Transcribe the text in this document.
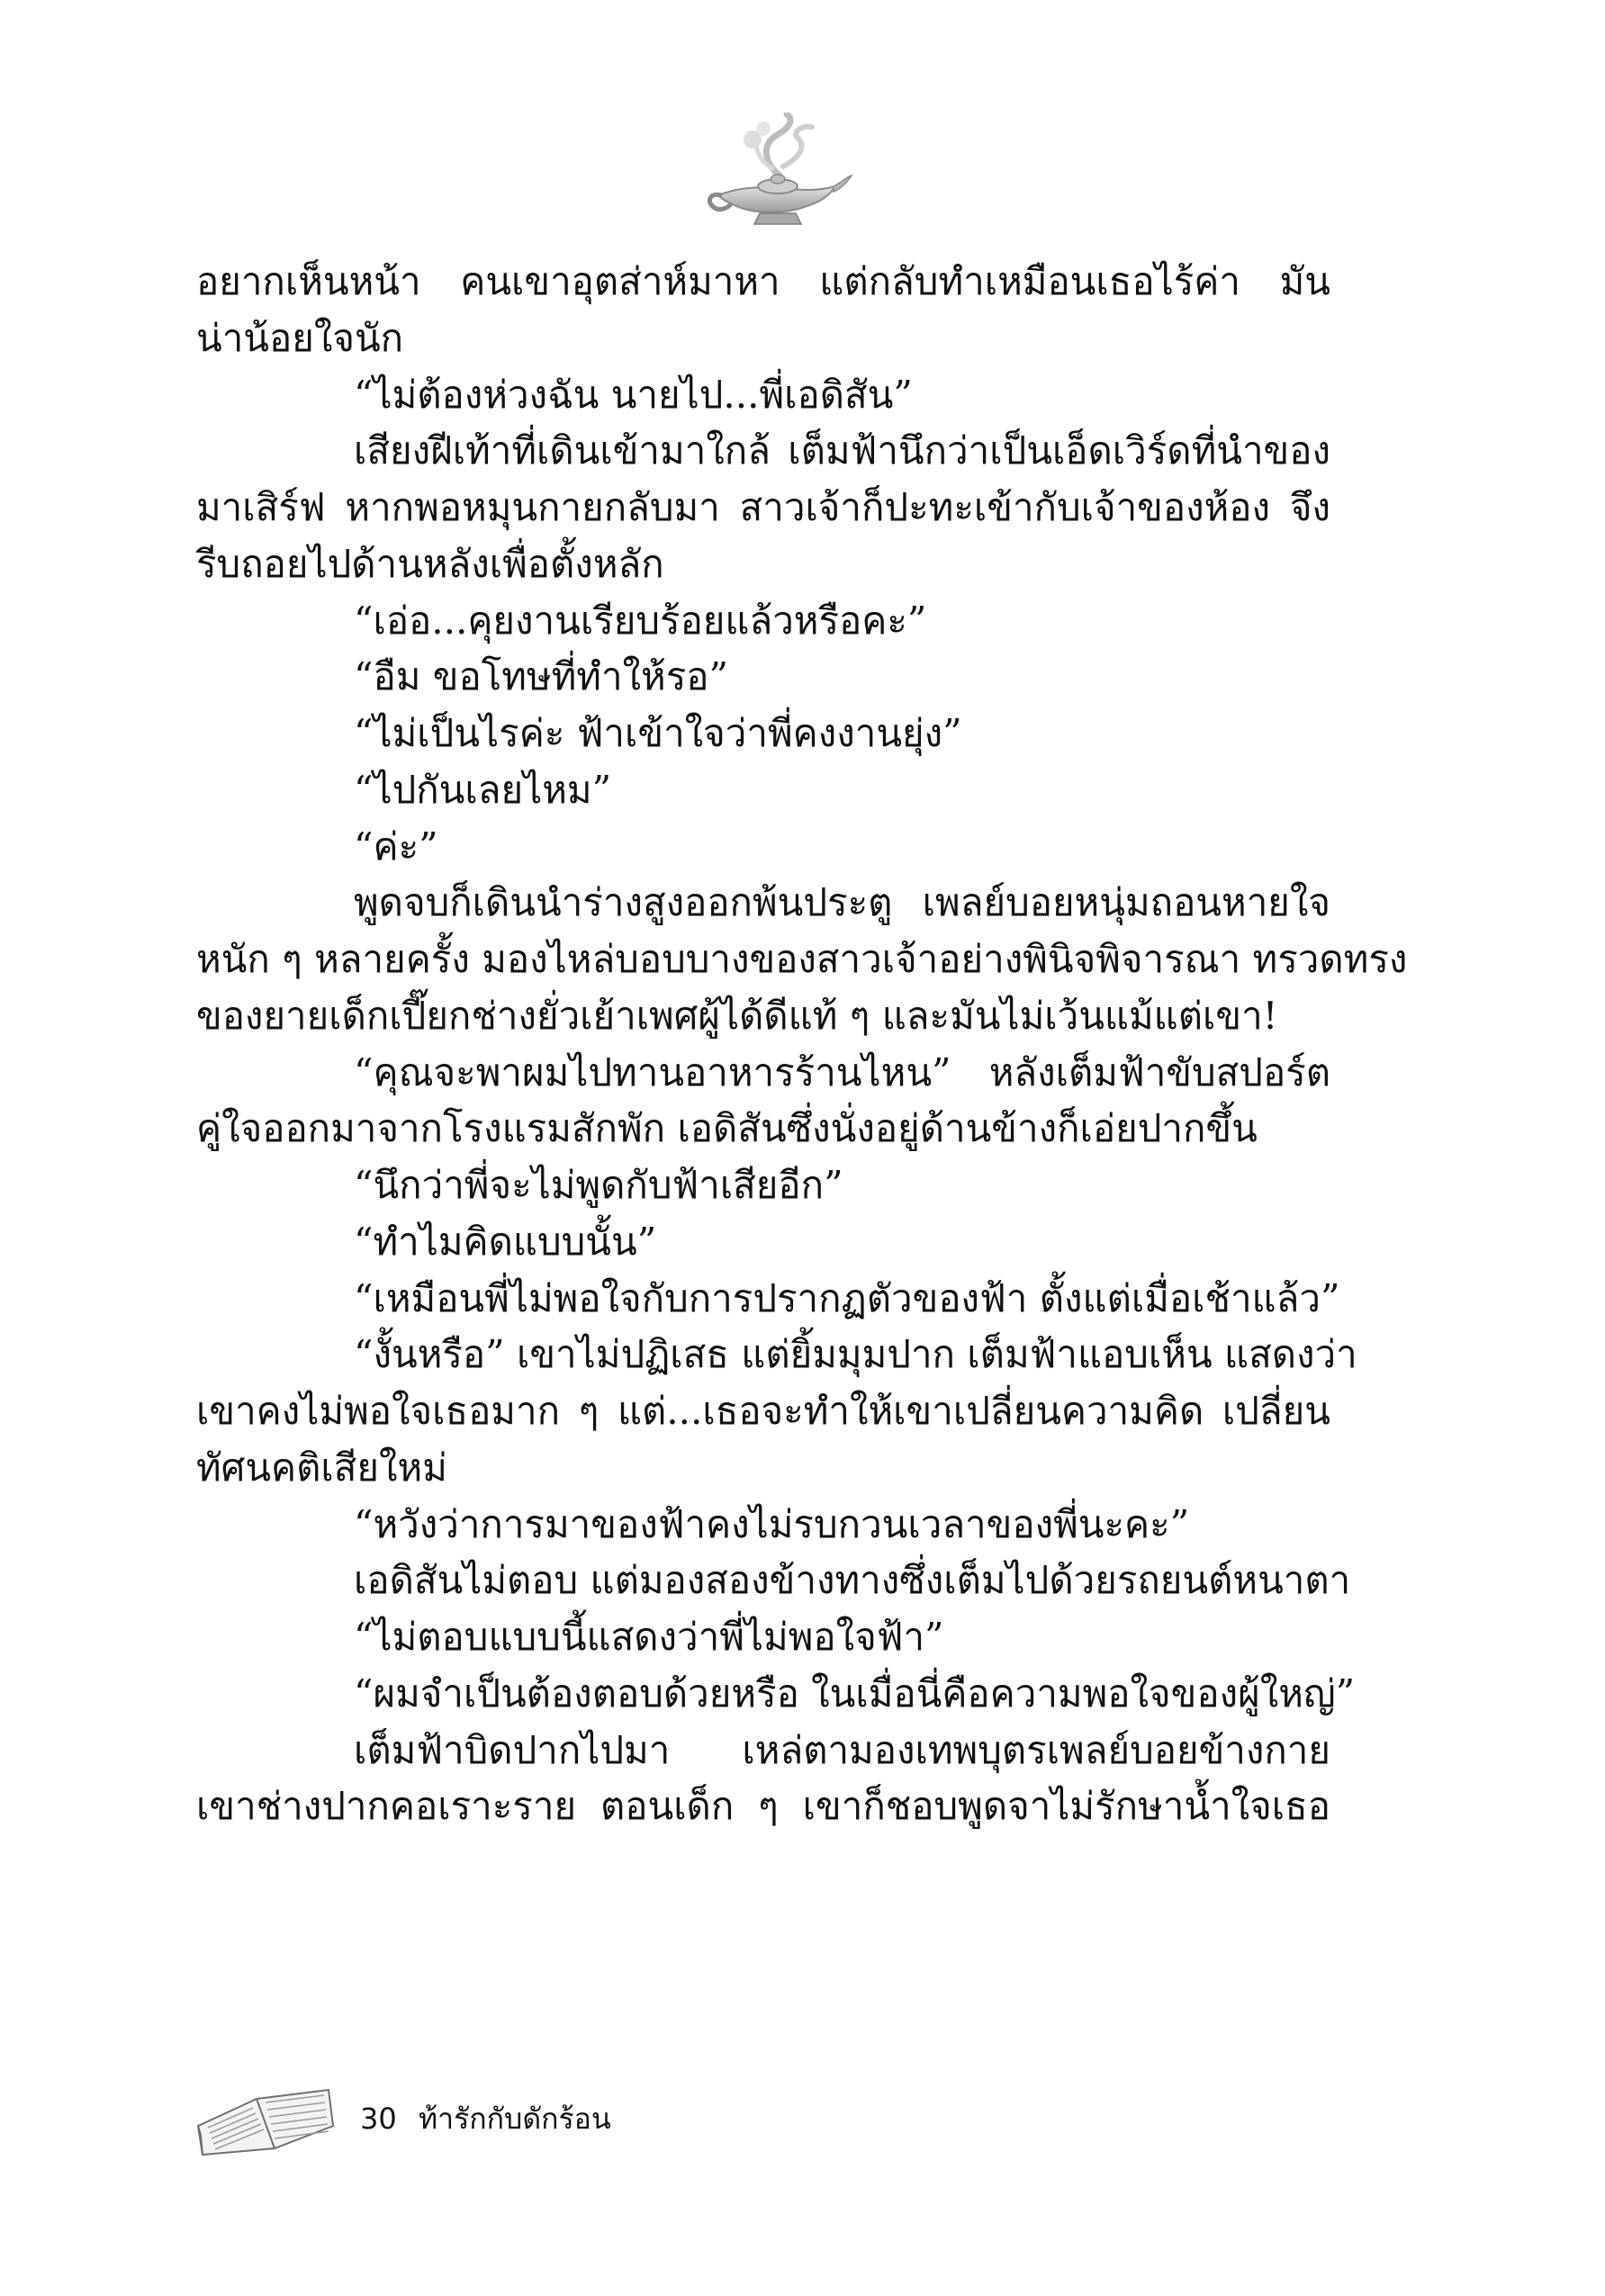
อยากเห็นหน้า คนเขาอุตส่าห์มาหา แต่กลับทำเหมือนเธอไร้ค่า มัน
น่าน้อยใจนัก
“ไม่ต้องห่วงฉัน นายไป...พี่เอดิสัน”
เสียงฝีเท้าที่เดินเข้ามาใกล้ เต็มฟ้านึกว่าเป็นเอ็ดเวิร์ดที่นำของ
มาเสิร์ฟ หากพอหมุนกายกลับมา สาวเจ้าก็ปะทะเข้ากับเจ้าของห้อง จึง
รีบถอยไปด้านหลังเพื่อตั้งหลัก
“เอ่อ...คุยงานเรียบร้อยแล้วหรือคะ”
“อืม ขอโทษที่ทำให้รอ”
“ไม่เป็นไรค่ะ ฟ้าเข้าใจว่าพี่คงงานยุ่ง”
“ไปกันเลยไหม”
“ค่ะ”
พูดจบก็เดินนำร่างสูงออกพ้นประตู เพลย์บอยหนุ่มถอนหายใจ
หนัก ๆ หลายครั้ง มองไหล่บอบบางของสาวเจ้าอย่างพินิจพิจารณา ทรวดทรง
ของยายเด็กเปี๊ยกช่างยั่วเย้าเพศผู้ได้ดีแท้ ๆ และมันไม่เว้นแม้แต่เขา!
“คุณจะพาผมไปทานอาหารร้านไหน” หลังเต็มฟ้าขับสปอร์ต
คู่ใจออกมาจากโรงแรมสักพัก เอดิสันซึ่งนั่งอยู่ด้านข้างก็เอ่ยปากขึ้น
“นึกว่าพี่จะไม่พูดกับฟ้าเสียอีก”
“ทำไมคิดแบบนั้น”
“เหมือนพี่ไม่พอใจกับการปรากฏตัวของฟ้า ตั้งแต่เมื่อเช้าแล้ว”
“งั้นหรือ” เขาไม่ปฏิเสธ แต่ยิ้มมุมปาก เต็มฟ้าแอบเห็น แสดงว่า
เขาคงไม่พอใจเธอมาก ๆ แต่...เธอจะทำให้เขาเปลี่ยนความคิด เปลี่ยน
ทัศนคติเสียใหม่
“หวังว่าการมาของฟ้าคงไม่รบกวนเวลาของพี่นะคะ”
เอดิสันไม่ตอบ แต่มองสองข้างทางซึ่งเต็มไปด้วยรถยนต์หนาตา
“ไม่ตอบแบบนี้แสดงว่าพี่ไม่พอใจฟ้า”
“ผมจำเป็นต้องตอบด้วยหรือ ในเมื่อนี่คือความพอใจของผู้ใหญ่”
เต็มฟ้าบิดปากไปมา เหล่ตามองเทพบุตรเพลย์บอยข้างกาย
เขาช่างปากคอเราะราย ตอนเด็ก ๆ เขาก็ชอบพูดจาไม่รักษาน้ำใจเธอ
30 ท้ารักกับดักร้อน
